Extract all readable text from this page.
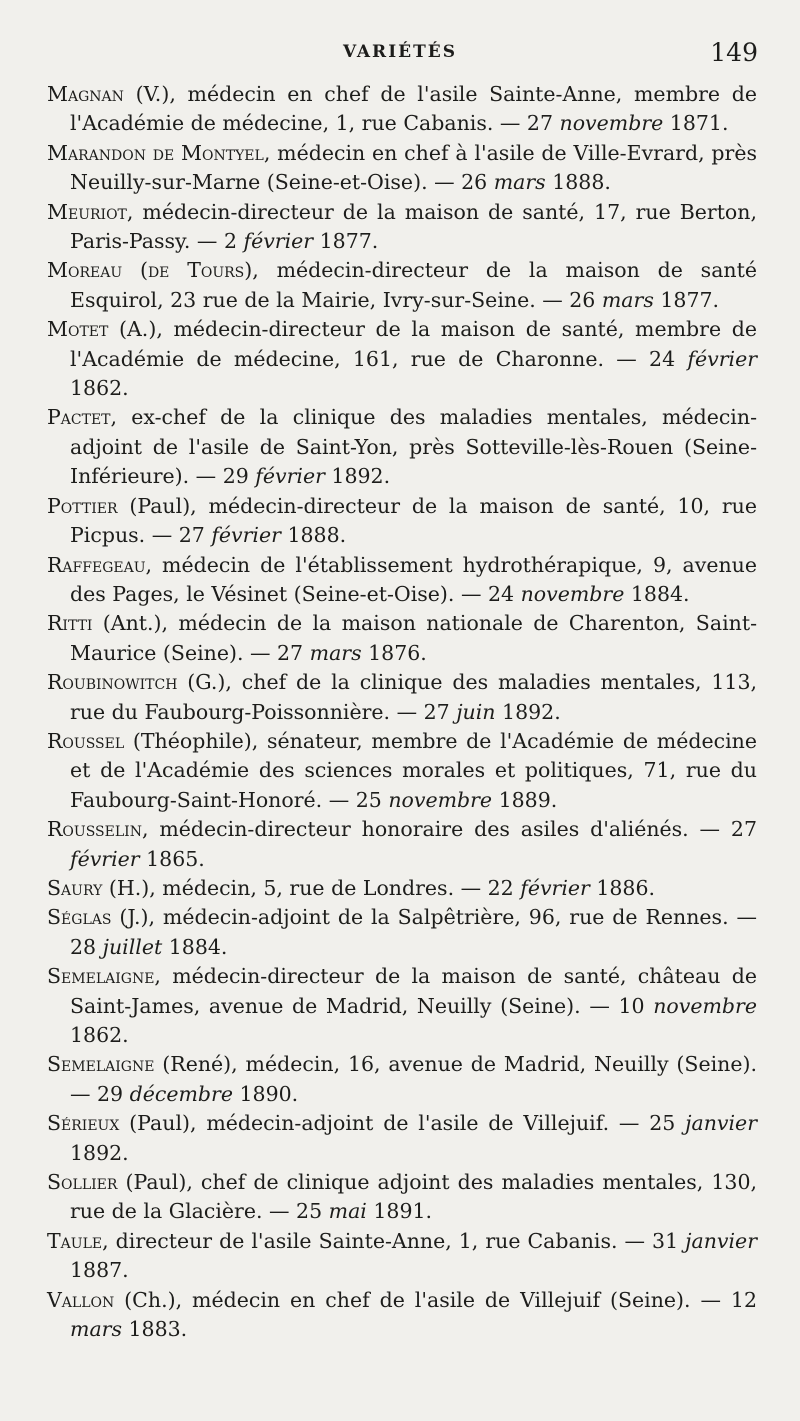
VARIÉTÉS	149

Magnan (V.), médecin en chef de l'asile Sainte-Anne, membre de l'Académie de médecine, 1, rue Cabanis. — 27 novembre 1871.

Marandon de Montyel, médecin en chef à l'asile de Ville-Evrard, près Neuilly-sur-Marne (Seine-et-Oise). — 26 mars 1888.

Meuriot, médecin-directeur de la maison de santé, 17, rue Berton, Paris-Passy. — 2 février 1877.

Moreau (de Tours), médecin-directeur de la maison de santé Esquirol, 23 rue de la Mairie, Ivry-sur-Seine. — 26 mars 1877.

Motet (A.), médecin-directeur de la maison de santé, membre de l'Académie de médecine, 161, rue de Charonne. — 24 février 1862.

Pactet, ex-chef de la clinique des maladies mentales, médecin-adjoint de l'asile de Saint-Yon, près Sotteville-lès-Rouen (Seine-Inférieure). — 29 février 1892.

Pottier (Paul), médecin-directeur de la maison de santé, 10, rue Picpus. — 27 février 1888.

Raffegeau, médecin de l'établissement hydrothérapique, 9, avenue des Pages, le Vésinet (Seine-et-Oise). — 24 novembre 1884.

Ritti (Ant.), médecin de la maison nationale de Charenton, Saint-Maurice (Seine). — 27 mars 1876.

Roubinowitch (G.), chef de la clinique des maladies mentales, 113, rue du Faubourg-Poissonnière. — 27 juin 1892.

Roussel (Théophile), sénateur, membre de l'Académie de médecine et de l'Académie des sciences morales et politiques, 71, rue du Faubourg-Saint-Honoré. — 25 novembre 1889.

Rousselin, médecin-directeur honoraire des asiles d'aliénés. — 27 février 1865.

Saury (H.), médecin, 5, rue de Londres. — 22 février 1886.

Séglas (J.), médecin-adjoint de la Salpêtrière, 96, rue de Rennes. — 28 juillet 1884.

Semelaigne, médecin-directeur de la maison de santé, château de Saint-James, avenue de Madrid, Neuilly (Seine). — 10 novembre 1862.

Semelaigne (René), médecin, 16, avenue de Madrid, Neuilly (Seine). — 29 décembre 1890.

Sérieux (Paul), médecin-adjoint de l'asile de Villejuif. — 25 janvier 1892.

Sollier (Paul), chef de clinique adjoint des maladies mentales, 130, rue de la Glacière. — 25 mai 1891.

Taule, directeur de l'asile Sainte-Anne, 1, rue Cabanis. — 31 janvier 1887.

Vallon (Ch.), médecin en chef de l'asile de Villejuif (Seine). — 12 mars 1883.
